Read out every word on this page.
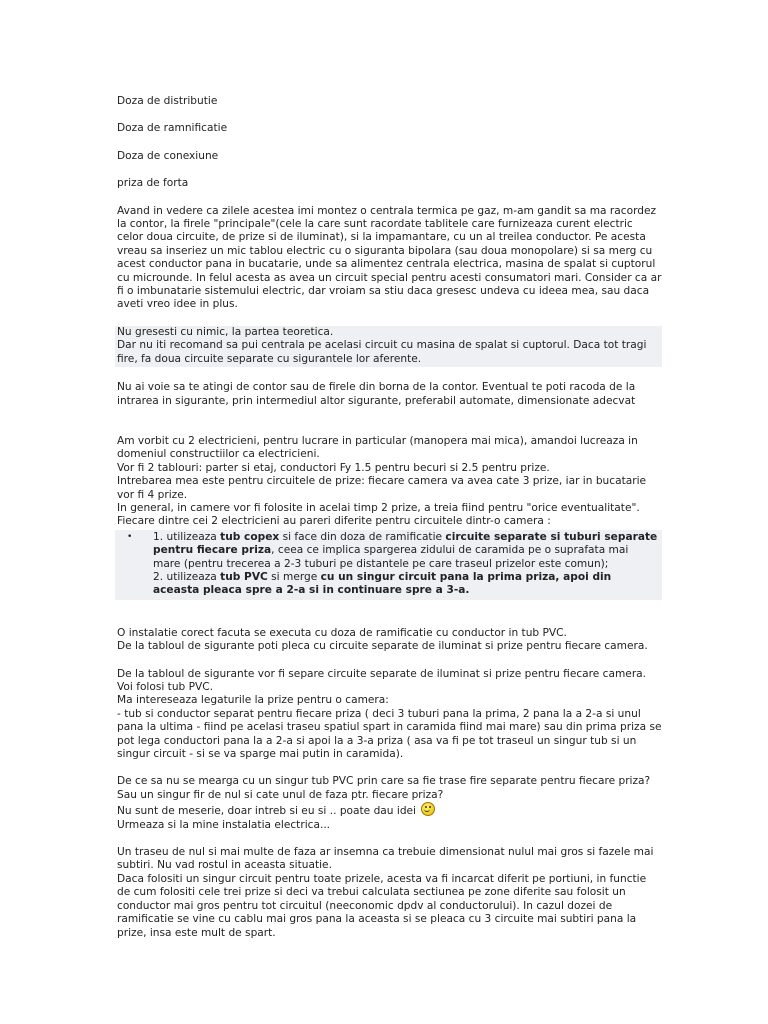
Doza de distributie

Doza de ramnificatie

Doza de conexiune

priza de forta

Avand in vedere ca zilele acestea imi montez o centrala termica pe gaz, m-am gandit sa ma racordez la contor, la firele "principale"(cele la care sunt racordate tablitele care furnizeaza curent electric celor doua circuite, de prize si de iluminat), si la impamantare, cu un al treilea conductor. Pe acesta vreau sa inseriez un mic tablou electric cu o siguranta bipolara (sau doua monopolare) si sa merg cu acest conductor pana in bucatarie, unde sa alimentez centrala electrica, masina de spalat si cuptorul cu microunde. In felul acesta as avea un circuit special pentru acesti consumatori mari. Consider ca ar fi o imbunatarie sistemului electric, dar vroiam sa stiu daca gresesc undeva cu ideea mea, sau daca aveti vreo idee in plus.

Nu gresesti cu nimic, la partea teoretica.

Dar nu iti recomand sa pui centrala pe acelasi circuit cu masina de spalat si cuptorul. Daca tot tragi fire, fa doua circuite separate cu sigurantele lor aferente.

Nu ai voie sa te atingi de contor sau de firele din borna de la contor. Eventual te poti racoda de la intrarea in sigurante, prin intermediul altor sigurante, preferabil automate, dimensionate adecvat

Am vorbit cu 2 electricieni, pentru lucrare in particular (manopera mai mica), amandoi lucreaza in domeniul constructiilor ca electricieni.

Vor fi 2 tablouri: parter si etaj, conductori Fy 1.5 pentru becuri si 2.5 pentru prize.

Intrebarea mea este pentru circuitele de prize: fiecare camera va avea cate 3 prize, iar in bucatarie vor fi 4 prize.

In general, in camere vor fi folosite in acelai timp 2 prize, a treia fiind pentru "orice eventualitate".

Fiecare dintre cei 2 electricieni au pareri diferite pentru circuitele dintr-o camera :

•	1. utilizeaza tub copex si face din doza de ramificatie circuite separate si tuburi separate pentru fiecare priza, ceea ce implica spargerea zidului de caramida pe o suprafata mai mare (pentru trecerea a 2-3 tuburi pe distantele pe care traseul prizelor este comun);

2. utilizeaza tub PVC si merge cu un singur circuit pana la prima priza, apoi din aceasta pleaca spre a 2-a si in continuare spre a 3-a.

O instalatie corect facuta se executa cu doza de ramificatie cu conductor in tub PVC.

De la tabloul de sigurante poti pleca cu circuite separate de iluminat si prize pentru fiecare camera.

De la tabloul de sigurante vor fi separe circuite separate de iluminat si prize pentru fiecare camera. Voi folosi tub PVC.

Ma intereseaza legaturile la prize pentru o camera:

- tub si conductor separat pentru fiecare priza ( deci 3 tuburi pana la prima, 2 pana la a 2-a si unul pana la ultima - fiind pe acelasi traseu spatiul spart in caramida fiind mai mare) sau din prima priza se pot lega conductori pana la a 2-a si apoi la a 3-a priza ( asa va fi pe tot traseul un singur tub si un singur circuit - si se va sparge mai putin in caramida).

De ce sa nu se mearga cu un singur tub PVC prin care sa fie trase fire separate pentru fiecare priza? Sau un singur fir de nul si cate unul de faza ptr. fiecare priza?

Nu sunt de meserie, doar intreb si eu si .. poate dau idei

Urmeaza si la mine instalatia electrica...

Un traseu de nul si mai multe de faza ar insemna ca trebuie dimensionat nulul mai gros si fazele mai subtiri. Nu vad rostul in aceasta situatie.

Daca folositi un singur circuit pentru toate prizele, acesta va fi incarcat diferit pe portiuni, in functie de cum folositi cele trei prize si deci va trebui calculata sectiunea pe zone diferite sau folosit un conductor mai gros pentru tot circuitul (neeconomic dpdv al conductorului). In cazul dozei de ramificatie se vine cu cablu mai gros pana la aceasta si se pleaca cu 3 circuite mai subtiri pana la prize, insa este mult de spart.
